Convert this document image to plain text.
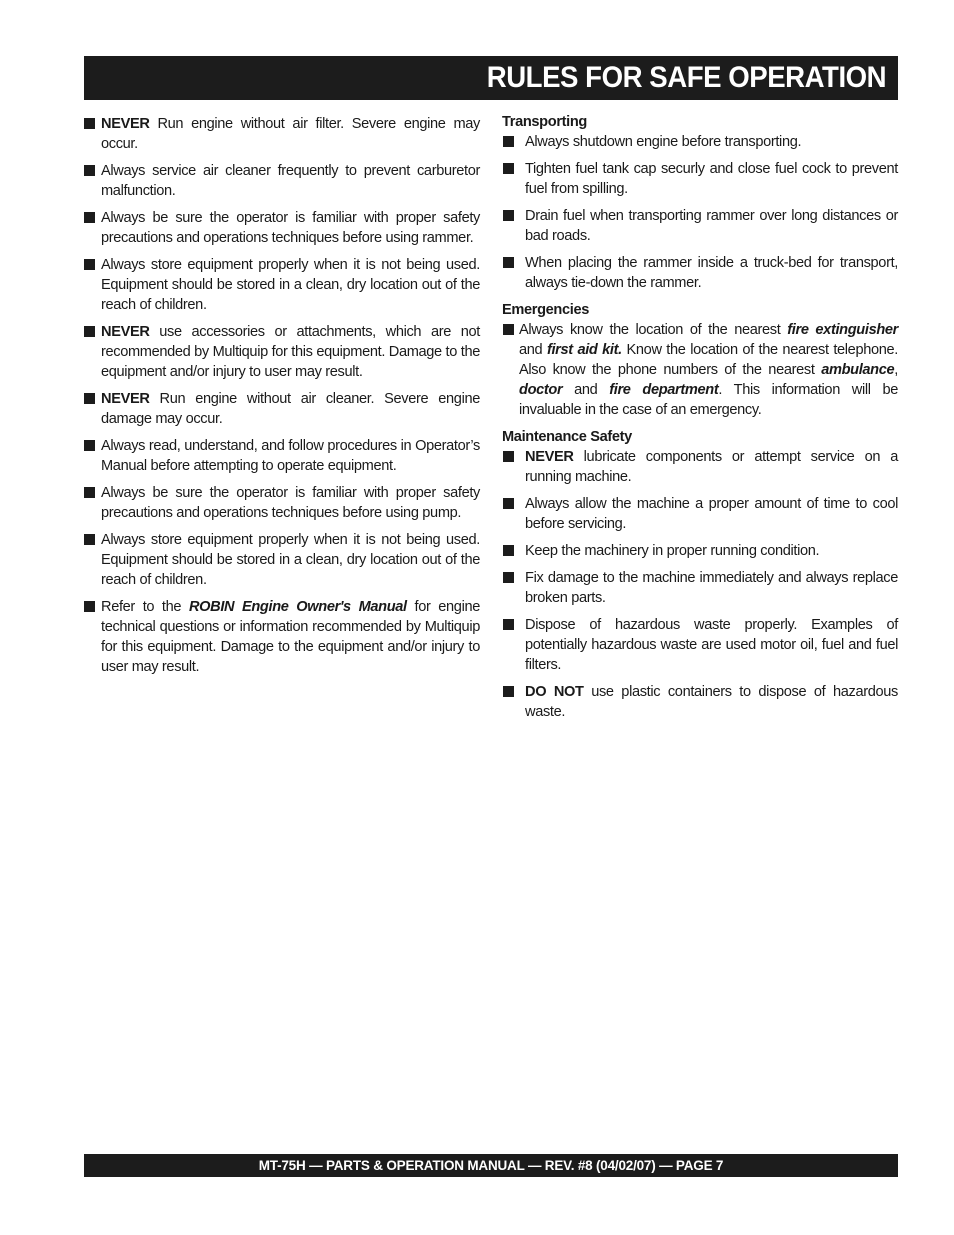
RULES FOR SAFE OPERATION
NEVER Run engine without air filter. Severe engine may occur.
Always service air cleaner frequently to prevent carburetor malfunction.
Always be sure the operator is familiar with proper safety precautions and operations techniques before using rammer.
Always store equipment properly when it is not being used. Equipment should be stored in a clean, dry location out of the reach of children.
NEVER use accessories or attachments, which are not recommended by Multiquip for this equipment. Damage to the equipment and/or injury to user may result.
NEVER Run engine without air cleaner. Severe engine damage may occur.
Always read, understand, and follow procedures in Operator’s Manual before attempting to operate equipment.
Always be sure the operator is familiar with proper safety precautions and operations techniques before using pump.
Always store equipment properly when it is not being used. Equipment should be stored in a clean, dry location out of the reach of children.
Refer to the ROBIN Engine Owner's Manual for engine technical questions or information recommended by Multiquip for this equipment. Damage to the equipment and/or injury to user may result.
Transporting
Always shutdown engine before transporting.
Tighten fuel tank cap securly and close fuel cock to prevent fuel from spilling.
Drain fuel when transporting rammer over long distances or bad roads.
When placing the rammer inside a truck-bed for transport, always tie-down the rammer.
Emergencies
Always know the location of the nearest fire extinguisher and first aid kit. Know the location of the nearest telephone. Also know the phone numbers of the nearest ambulance, doctor and fire department. This information will be invaluable in the case of an emergency.
Maintenance Safety
NEVER lubricate components or attempt service on a running machine.
Always allow the machine a proper amount of time to cool before servicing.
Keep the machinery in proper running condition.
Fix damage to the machine immediately and always replace broken parts.
Dispose of hazardous waste properly. Examples of potentially hazardous waste are used motor oil, fuel and fuel filters.
DO NOT use plastic containers to dispose of hazardous waste.
MT-75H — PARTS & OPERATION MANUAL — REV. #8 (04/02/07) — PAGE 7
